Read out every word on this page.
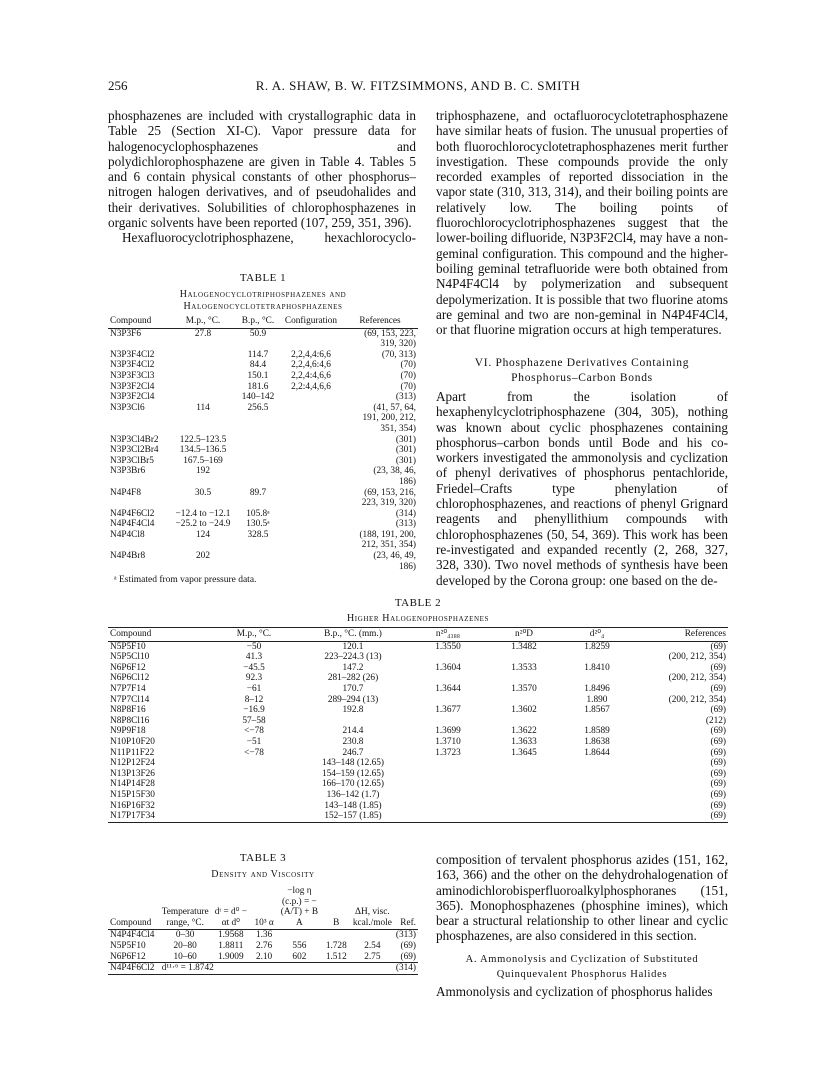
256	R. A. SHAW, B. W. FITZSIMMONS, AND B. C. SMITH

phosphazenes are included with crystallographic data in Table 25 (Section XI-C). Vapor pressure data for halogenocyclophosphazenes and polydichlorophosphazene are given in Table 4. Tables 5 and 6 contain physical constants of other phosphorus–nitrogen halogen derivatives, and of pseudohalides and their derivatives. Solubilities of chlorophosphazenes in organic solvents have been reported (107, 259, 351, 396).

Hexafluorocyclotriphosphazene, hexachlorocyclo-

TABLE 1
Halogenocyclotriphosphazenes and
Halogenocyclotetraphosphazenes
Compound	M.p., °C.	B.p., °C.	Configuration	References
N3P3F6	27.8	50.9		(69, 153, 223, 319, 320)
N3P3F4Cl2		114.7	2,2,4,4:6,6	(70, 313)
N3P3F4Cl2		84.4	2,2,4,6:4,6	(70)
N3P3F3Cl3		150.1	2,2,4:4,6,6	(70)
N3P3F2Cl4		181.6	2,2:4,4,6,6	(70)
N3P3F2Cl4		140–142		(313)
N3P3Cl6	114	256.5		(41, 57, 64, 191, 200, 212, 351, 354)
N3P3Cl4Br2	122.5–123.5			(301)
N3P3Cl2Br4	134.5–136.5			(301)
N3P3ClBr5	167.5–169			(301)
N3P3Br6	192			(23, 38, 46, 186)
N4P4F8	30.5	89.7		(69, 153, 216, 223, 319, 320)
N4P4F6Cl2	−12.4 to −12.1	105.8ᵃ		(314)
N4P4F4Cl4	−25.2 to −24.9	130.5ᵃ		(313)
N4P4Cl8	124	328.5		(188, 191, 200, 212, 351, 354)
N4P4Br8	202			(23, 46, 49, 186)
ᵃ Estimated from vapor pressure data.

triphosphazene, and octafluorocyclotetraphosphazene have similar heats of fusion. The unusual properties of both fluorochlorocyclotetraphosphazenes merit further investigation. These compounds provide the only recorded examples of reported dissociation in the vapor state (310, 313, 314), and their boiling points are relatively low. The boiling points of fluorochlorocyclotriphosphazenes suggest that the lower-boiling difluoride, N3P3F2Cl4, may have a non-geminal configuration. This compound and the higher-boiling geminal tetrafluoride were both obtained from N4P4F4Cl4 by polymerization and subsequent depolymerization. It is possible that two fluorine atoms are geminal and two are non-geminal in N4P4F4Cl4, or that fluorine migration occurs at high temperatures.

VI. Phosphazene Derivatives Containing
Phosphorus–Carbon Bonds
Apart from the isolation of hexaphenylcyclotriphosphazene (304, 305), nothing was known about cyclic phosphazenes containing phosphorus–carbon bonds until Bode and his co-workers investigated the ammonolysis and cyclization of phenyl derivatives of phosphorus pentachloride, Friedel–Crafts type phenylation of chlorophosphazenes, and reactions of phenyl Grignard reagents and phenyllithium compounds with chlorophosphazenes (50, 54, 369). This work has been re-investigated and expanded recently (2, 268, 327, 328, 330). Two novel methods of synthesis have been developed by the Corona group: one based on the de-
TABLE 2
Higher Halogenophosphazenes
Compound	M.p., °C.	B.p., °C. (mm.)	n²⁰₄₃₈₈	n²⁰D	d²⁰₄	References
N5P5F10	−50	120.1	1.3550	1.3482	1.8259	(69)
N5P5Cl10	41.3	223–224.3 (13)				(200, 212, 354)
N6P6F12	−45.5	147.2	1.3604	1.3533	1.8410	(69)
N6P6Cl12	92.3	281–282 (26)				(200, 212, 354)
N7P7F14	−61	170.7	1.3644	1.3570	1.8496	(69)
N7P7Cl14	8–12	289–294 (13)			1.890	(200, 212, 354)
N8P8F16	−16.9	192.8	1.3677	1.3602	1.8567	(69)
N8P8Cl16	57–58					(212)
N9P9F18	<−78	214.4	1.3699	1.3622	1.8589	(69)
N10P10F20	−51	230.8	1.3710	1.3633	1.8638	(69)
N11P11F22	<−78	246.7	1.3723	1.3645	1.8644	(69)
N12P12F24		143–148 (12.65)				(69)
N13P13F26		154–159 (12.65)				(69)
N14P14F28		166–170 (12.65)				(69)
N15P15F30		136–142 (1.7)				(69)
N16P16F32		143–148 (1.85)				(69)
N17P17F34		152–157 (1.85)				(69)
TABLE 3
Density and Viscosity
Compound	Temperature range, °C.	dᵗ = d⁰ − αt d⁰	10³ α	−log η (c.p.) = −(A/T) + B A	B	ΔH, visc. kcal./mole	Ref.
N4P4F4Cl4	0–30	1.9568	1.36				(313)
N5P5F10	20–80	1.8811	2.76	556	1.728	2.54	(69)
N6P6F12	10–60	1.9009	2.10	602	1.512	2.75	(69)
N4P4F6Cl2	d¹¹·⁶ = 1.8742						(314)

composition of tervalent phosphorus azides (151, 162, 163, 366) and the other on the dehydrohalogenation of aminodichlorobisperfluoroalkylphosphoranes (151, 365). Monophosphazenes (phosphine imines), which bear a structural relationship to other linear and cyclic phosphazenes, are also considered in this section.

A. Ammonolysis and Cyclization of Substituted
Quinquevalent Phosphorus Halides
Ammonolysis and cyclization of phosphorus halides
